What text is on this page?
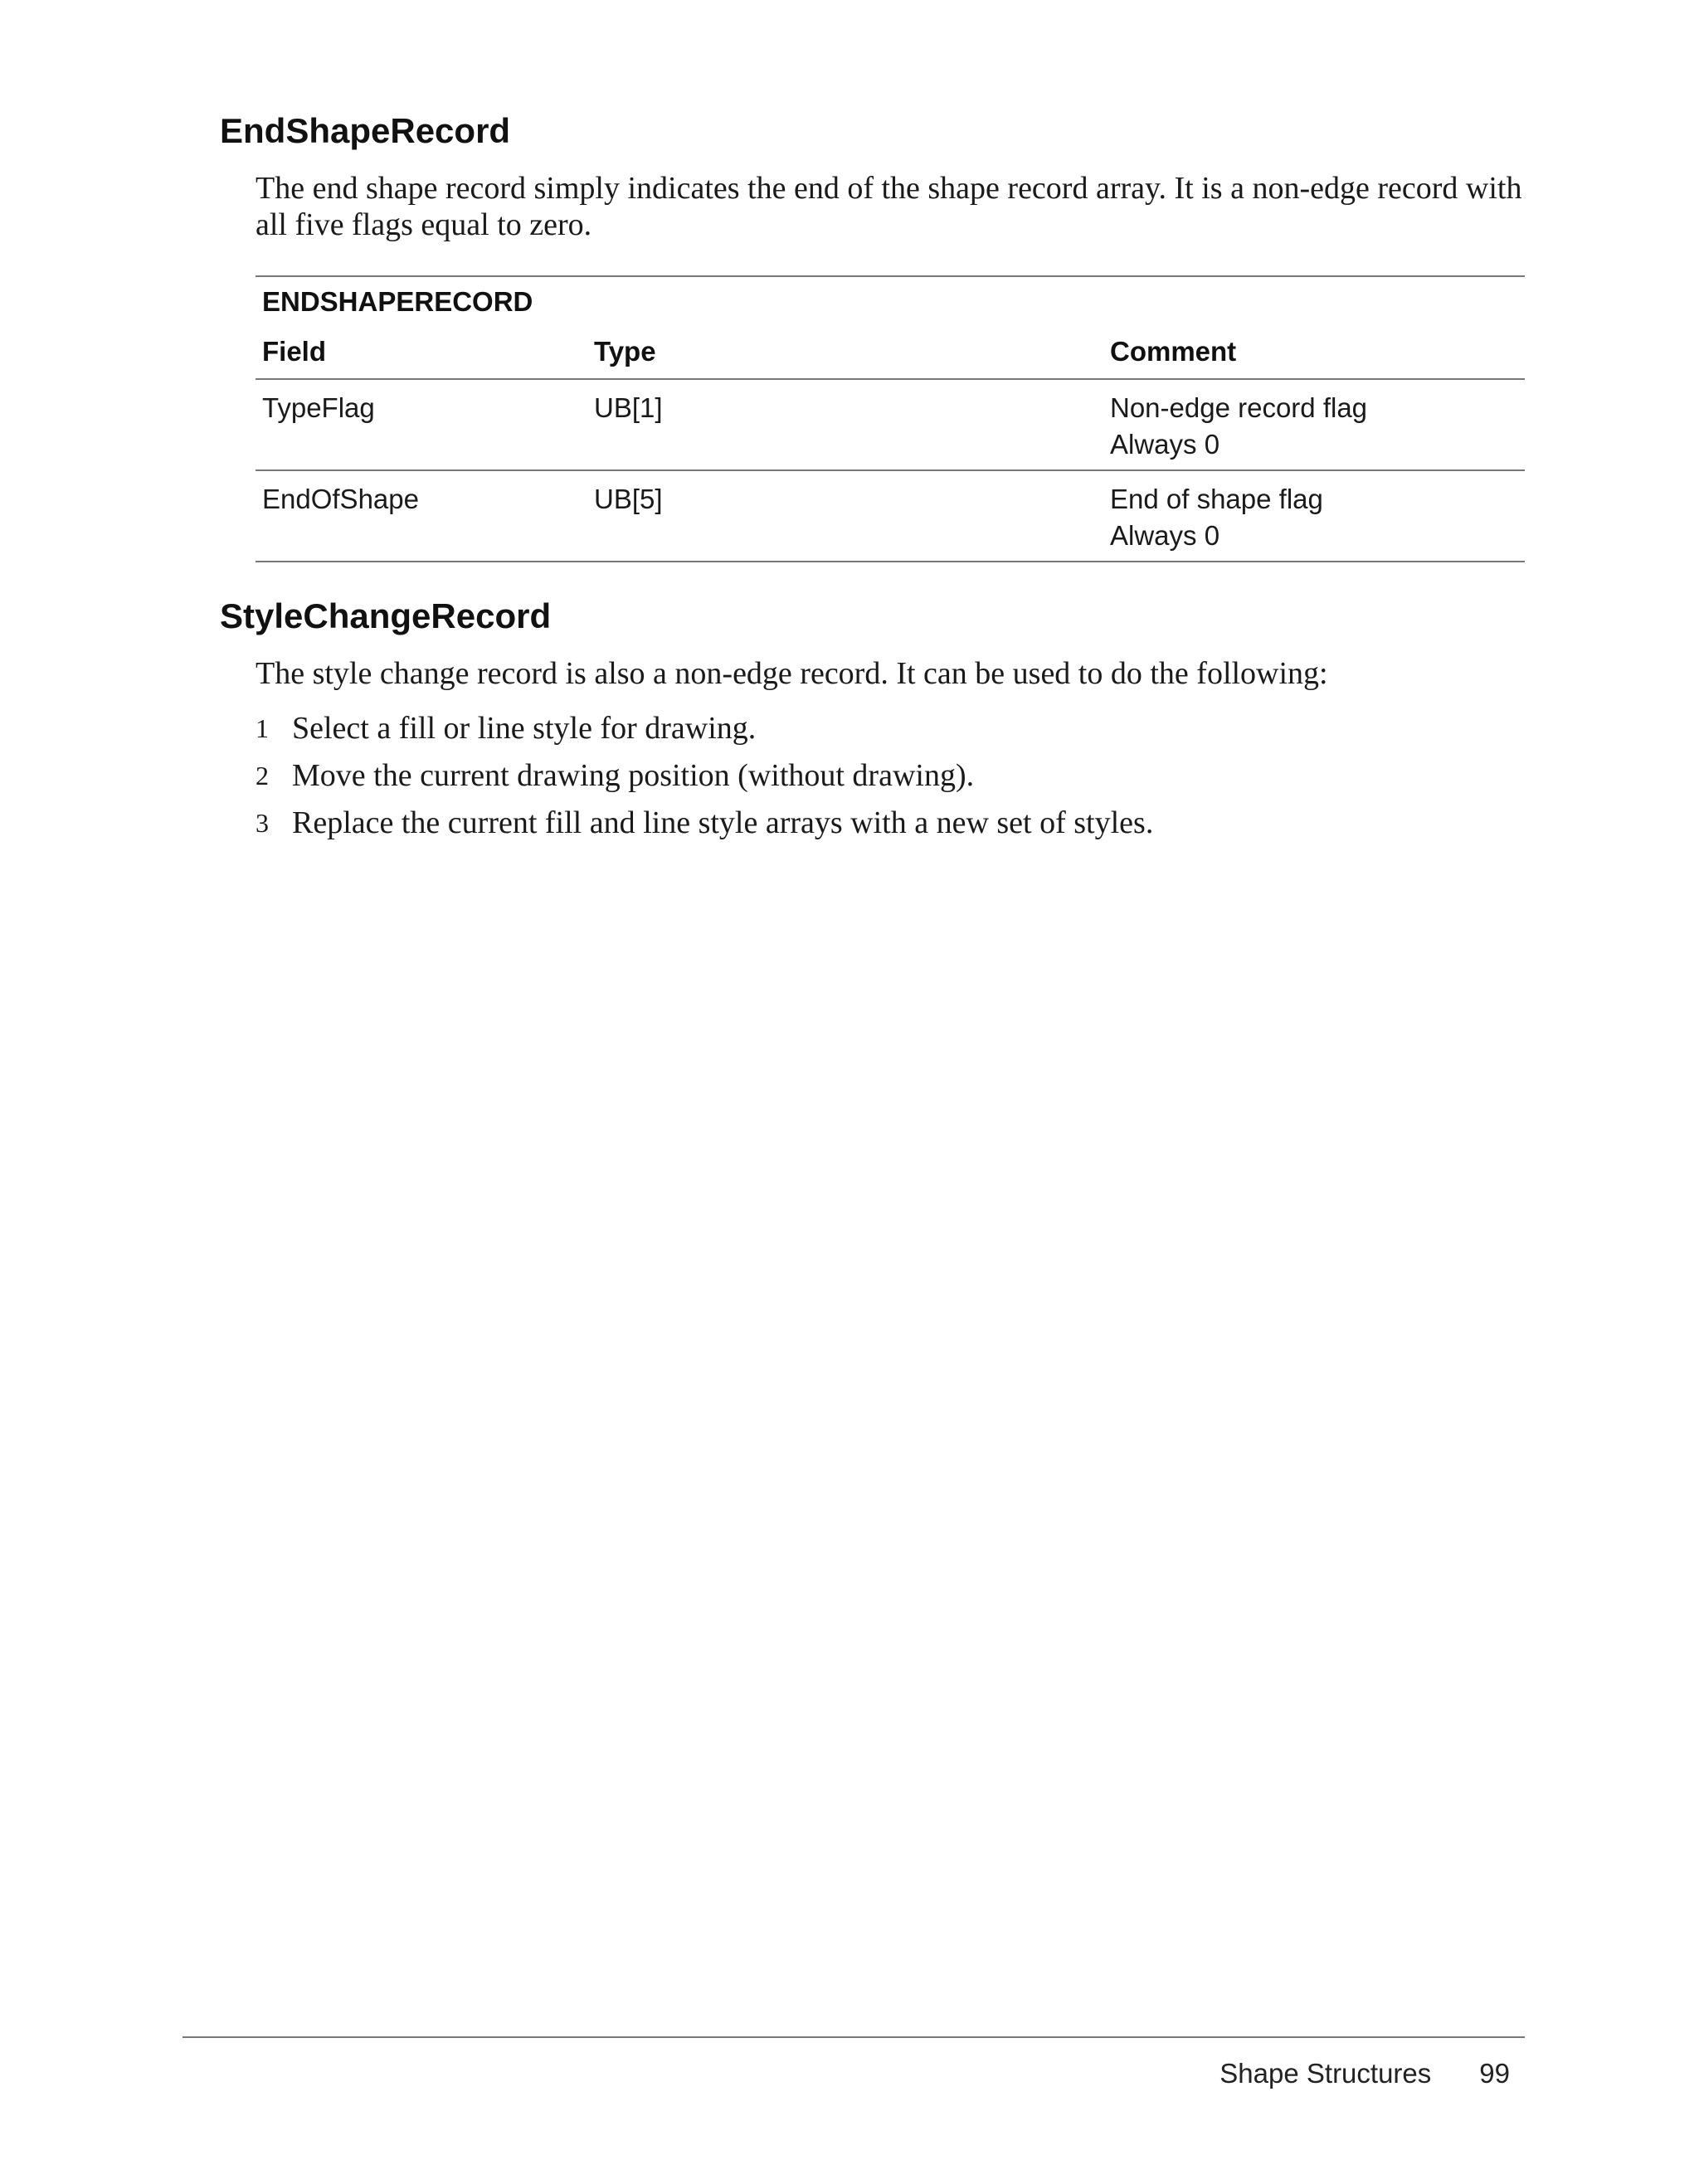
EndShapeRecord

The end shape record simply indicates the end of the shape record array. It is a non-edge record with all five flags equal to zero.

ENDSHAPERECORD
Field	Type	Comment
TypeFlag	UB[1]	Non-edge record flag
Always 0
EndOfShape	UB[5]	End of shape flag
Always 0
StyleChangeRecord

The style change record is also a non-edge record. It can be used to do the following:

1 Select a fill or line style for drawing.
2 Move the current drawing position (without drawing).
3 Replace the current fill and line style arrays with a new set of styles.
Shape Structures 99
